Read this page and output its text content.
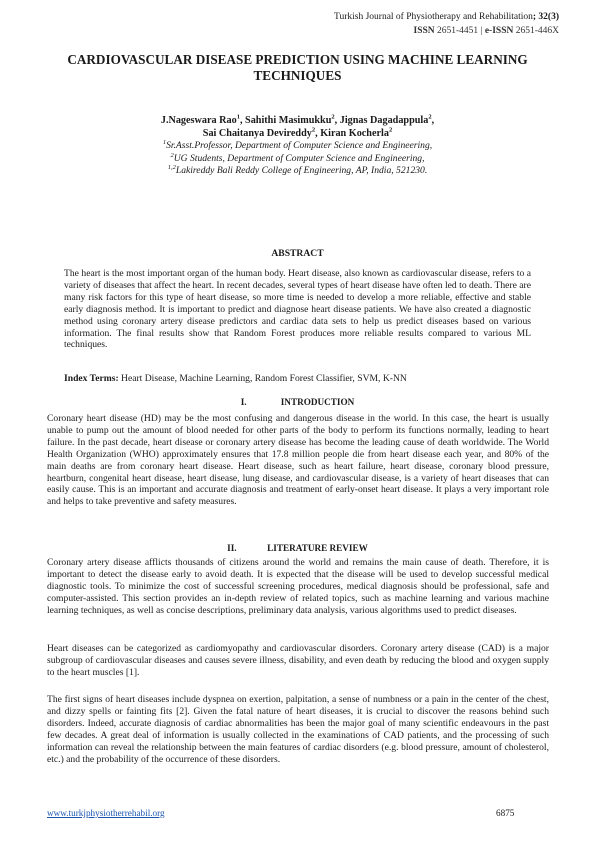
Turkish Journal of Physiotherapy and Rehabilitation; 32(3)
ISSN 2651-4451 | e-ISSN 2651-446X
CARDIOVASCULAR DISEASE PREDICTION USING MACHINE LEARNING TECHNIQUES
J.Nageswara Rao$^1$, Sahithi Masimukku$^2$, Jignas Dagadappula$^2$,
Sai Chaitanya Devireddy$^2$, Kiran Kocherla$^2$
$^1$Sr.Asst.Professor, Department of Computer Science and Engineering,
$^2$UG Students, Department of Computer Science and Engineering,
$^{1,2}$Lakireddy Bali Reddy College of Engineering, AP, India, 521230.
ABSTRACT

The heart is the most important organ of the human body. Heart disease, also known as cardiovascular disease, refers to a variety of diseases that affect the heart. In recent decades, several types of heart disease have often led to death. There are many risk factors for this type of heart disease, so more time is needed to develop a more reliable, effective and stable early diagnosis method. It is important to predict and diagnose heart disease patients. We have also created a diagnostic method using coronary artery disease predictors and cardiac data sets to help us predict diseases based on various information. The final results show that Random Forest produces more reliable results compared to various ML techniques.

Index Terms: Heart Disease, Machine Learning, Random Forest Classifier, SVM, K-NN

I.	INTRODUCTION

Coronary heart disease (HD) may be the most confusing and dangerous disease in the world. In this case, the heart is usually unable to pump out the amount of blood needed for other parts of the body to perform its functions normally, leading to heart failure. In the past decade, heart disease or coronary artery disease has become the leading cause of death worldwide. The World Health Organization (WHO) approximately ensures that 17.8 million people die from heart disease each year, and 80% of the main deaths are from coronary heart disease. Heart disease, such as heart failure, heart disease, coronary blood pressure, heartburn, congenital heart disease, heart disease, lung disease, and cardiovascular disease, is a variety of heart diseases that can easily cause. This is an important and accurate diagnosis and treatment of early-onset heart disease. It plays a very important role and helps to take preventive and safety measures.

II.	LITERATURE REVIEW

Coronary artery disease afflicts thousands of citizens around the world and remains the main cause of death. Therefore, it is important to detect the disease early to avoid death. It is expected that the disease will be used to develop successful medical diagnostic tools. To minimize the cost of successful screening procedures, medical diagnosis should be professional, safe and computer-assisted. This section provides an in-depth review of related topics, such as machine learning and various machine learning techniques, as well as concise descriptions, preliminary data analysis, various algorithms used to predict diseases.

Heart diseases can be categorized as cardiomyopathy and cardiovascular disorders. Coronary artery disease (CAD) is a major subgroup of cardiovascular diseases and causes severe illness, disability, and even death by reducing the blood and oxygen supply to the heart muscles [1].

The first signs of heart diseases include dyspnea on exertion, palpitation, a sense of numbness or a pain in the center of the chest, and dizzy spells or fainting fits [2]. Given the fatal nature of heart diseases, it is crucial to discover the reasons behind such disorders. Indeed, accurate diagnosis of cardiac abnormalities has been the major goal of many scientific endeavours in the past few decades. A great deal of information is usually collected in the examinations of CAD patients, and the processing of such information can reveal the relationship between the main features of cardiac disorders (e.g. blood pressure, amount of cholesterol, etc.) and the probability of the occurrence of these disorders.

www.turkjphysiotherrehabil.org	6875
